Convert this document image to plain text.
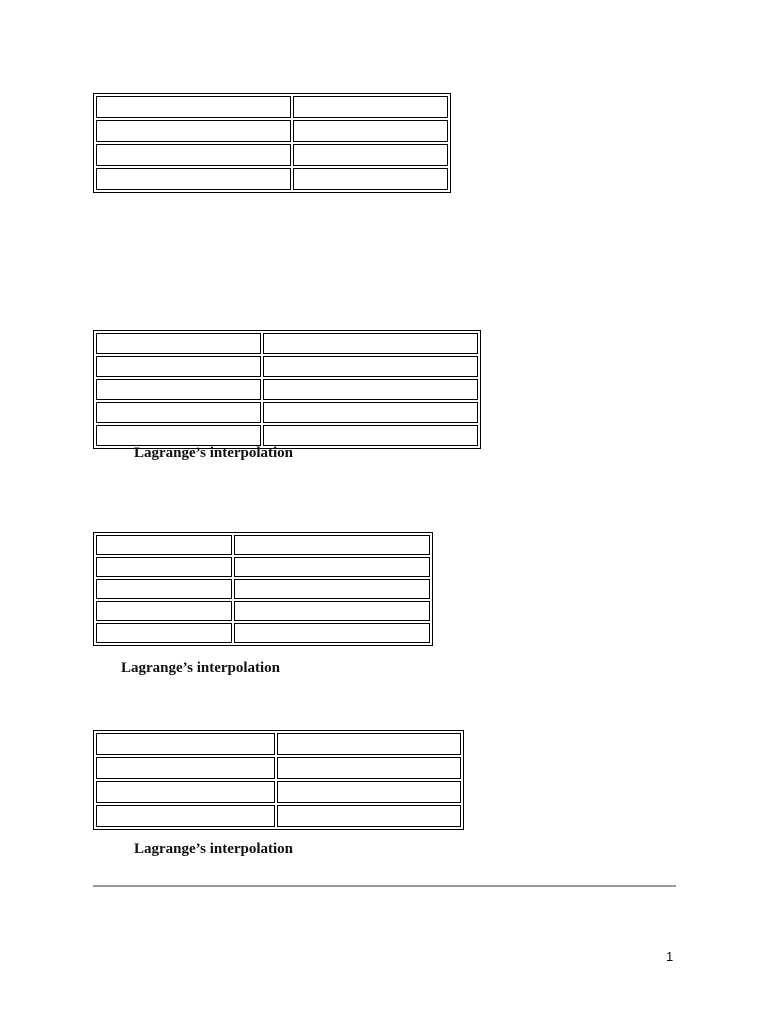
Lagrange’s interpolation

Lagrange’s interpolation

Lagrange’s interpolation
1
